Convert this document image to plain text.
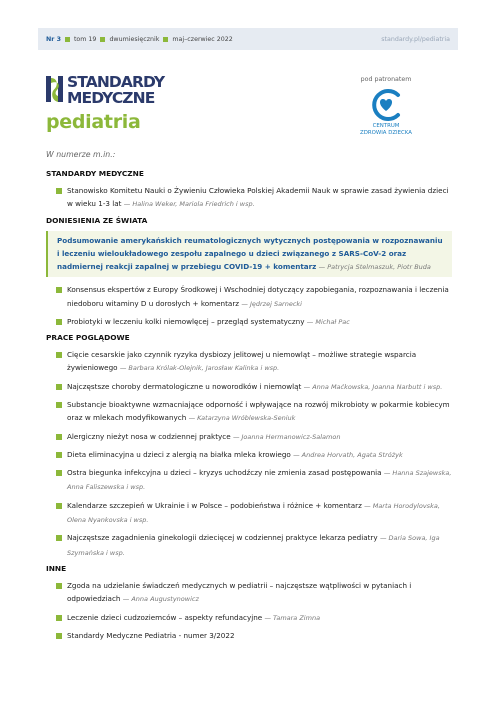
Nr 3 tom 19 dwumiesięcznik maj–czerwiec 2022	standardy.pl/pediatria
STANDARDY
MEDYCZNE
pediatria
pod patronatem
CENTRUM
ZDROWIA DZIECKA
W numerze m.in.:
STANDARDY MEDYCZNE
Stanowisko Komitetu Nauki o Żywieniu Człowieka Polskiej Akademii Nauk w sprawie zasad żywienia dzieci w wieku 1-3 lat — Halina Weker, Mariola Friedrich i wsp.
DONIESIENIA ZE ŚWIATA
Podsumowanie amerykańskich reumatologicznych wytycznych postępowania w rozpoznawaniu i leczeniu wieloukładowego zespołu zapalnego u dzieci związanego z SARS-CoV-2 oraz nadmiernej reakcji zapalnej w przebiegu COVID-19 + komentarz — Patrycja Stelmaszuk, Piotr Buda
Konsensus ekspertów z Europy Środkowej i Wschodniej dotyczący zapobiegania, rozpoznawania i leczenia niedoboru witaminy D u dorosłych + komentarz — Jędrzej Sarnecki
Probiotyki w leczeniu kolki niemowlęcej – przegląd systematyczny — Michał Pac
PRACE POGLĄDOWE
Cięcie cesarskie jako czynnik ryzyka dysbiozy jelitowej u niemowląt – możliwe strategie wsparcia żywieniowego — Barbara Królak-Olejnik, Jarosław Kalinka i wsp.
Najczęstsze choroby dermatologiczne u noworodków i niemowląt — Anna Maćkowska, Joanna Narbutt i wsp.
Substancje bioaktywne wzmacniające odporność i wpływające na rozwój mikrobioty w pokarmie kobiecym oraz w mlekach modyfikowanych — Katarzyna Wróblewska-Seniuk
Alergiczny nieżyt nosa w codziennej praktyce — Joanna Hermanowicz-Salamon
Dieta eliminacyjna u dzieci z alergią na białka mleka krowiego — Andrea Horvath, Agata Stróżyk
Ostra biegunka infekcyjna u dzieci – kryzys uchodźczy nie zmienia zasad postępowania — Hanna Szajewska, Anna Faliszewska i wsp.
Kalendarze szczepień w Ukrainie i w Polsce – podobieństwa i różnice + komentarz — Marta Horodylovska, Olena Nyankovska i wsp.
Najczęstsze zagadnienia ginekologii dziecięcej w codziennej praktyce lekarza pediatry — Daria Sowa, Iga Szymańska i wsp.
INNE
Zgoda na udzielanie świadczeń medycznych w pediatrii – najczęstsze wątpliwości w pytaniach i odpowiedziach — Anna Augustynowicz
Leczenie dzieci cudzoziemców – aspekty refundacyjne — Tamara Zimna
Standardy Medyczne Pediatria - numer 3/2022
